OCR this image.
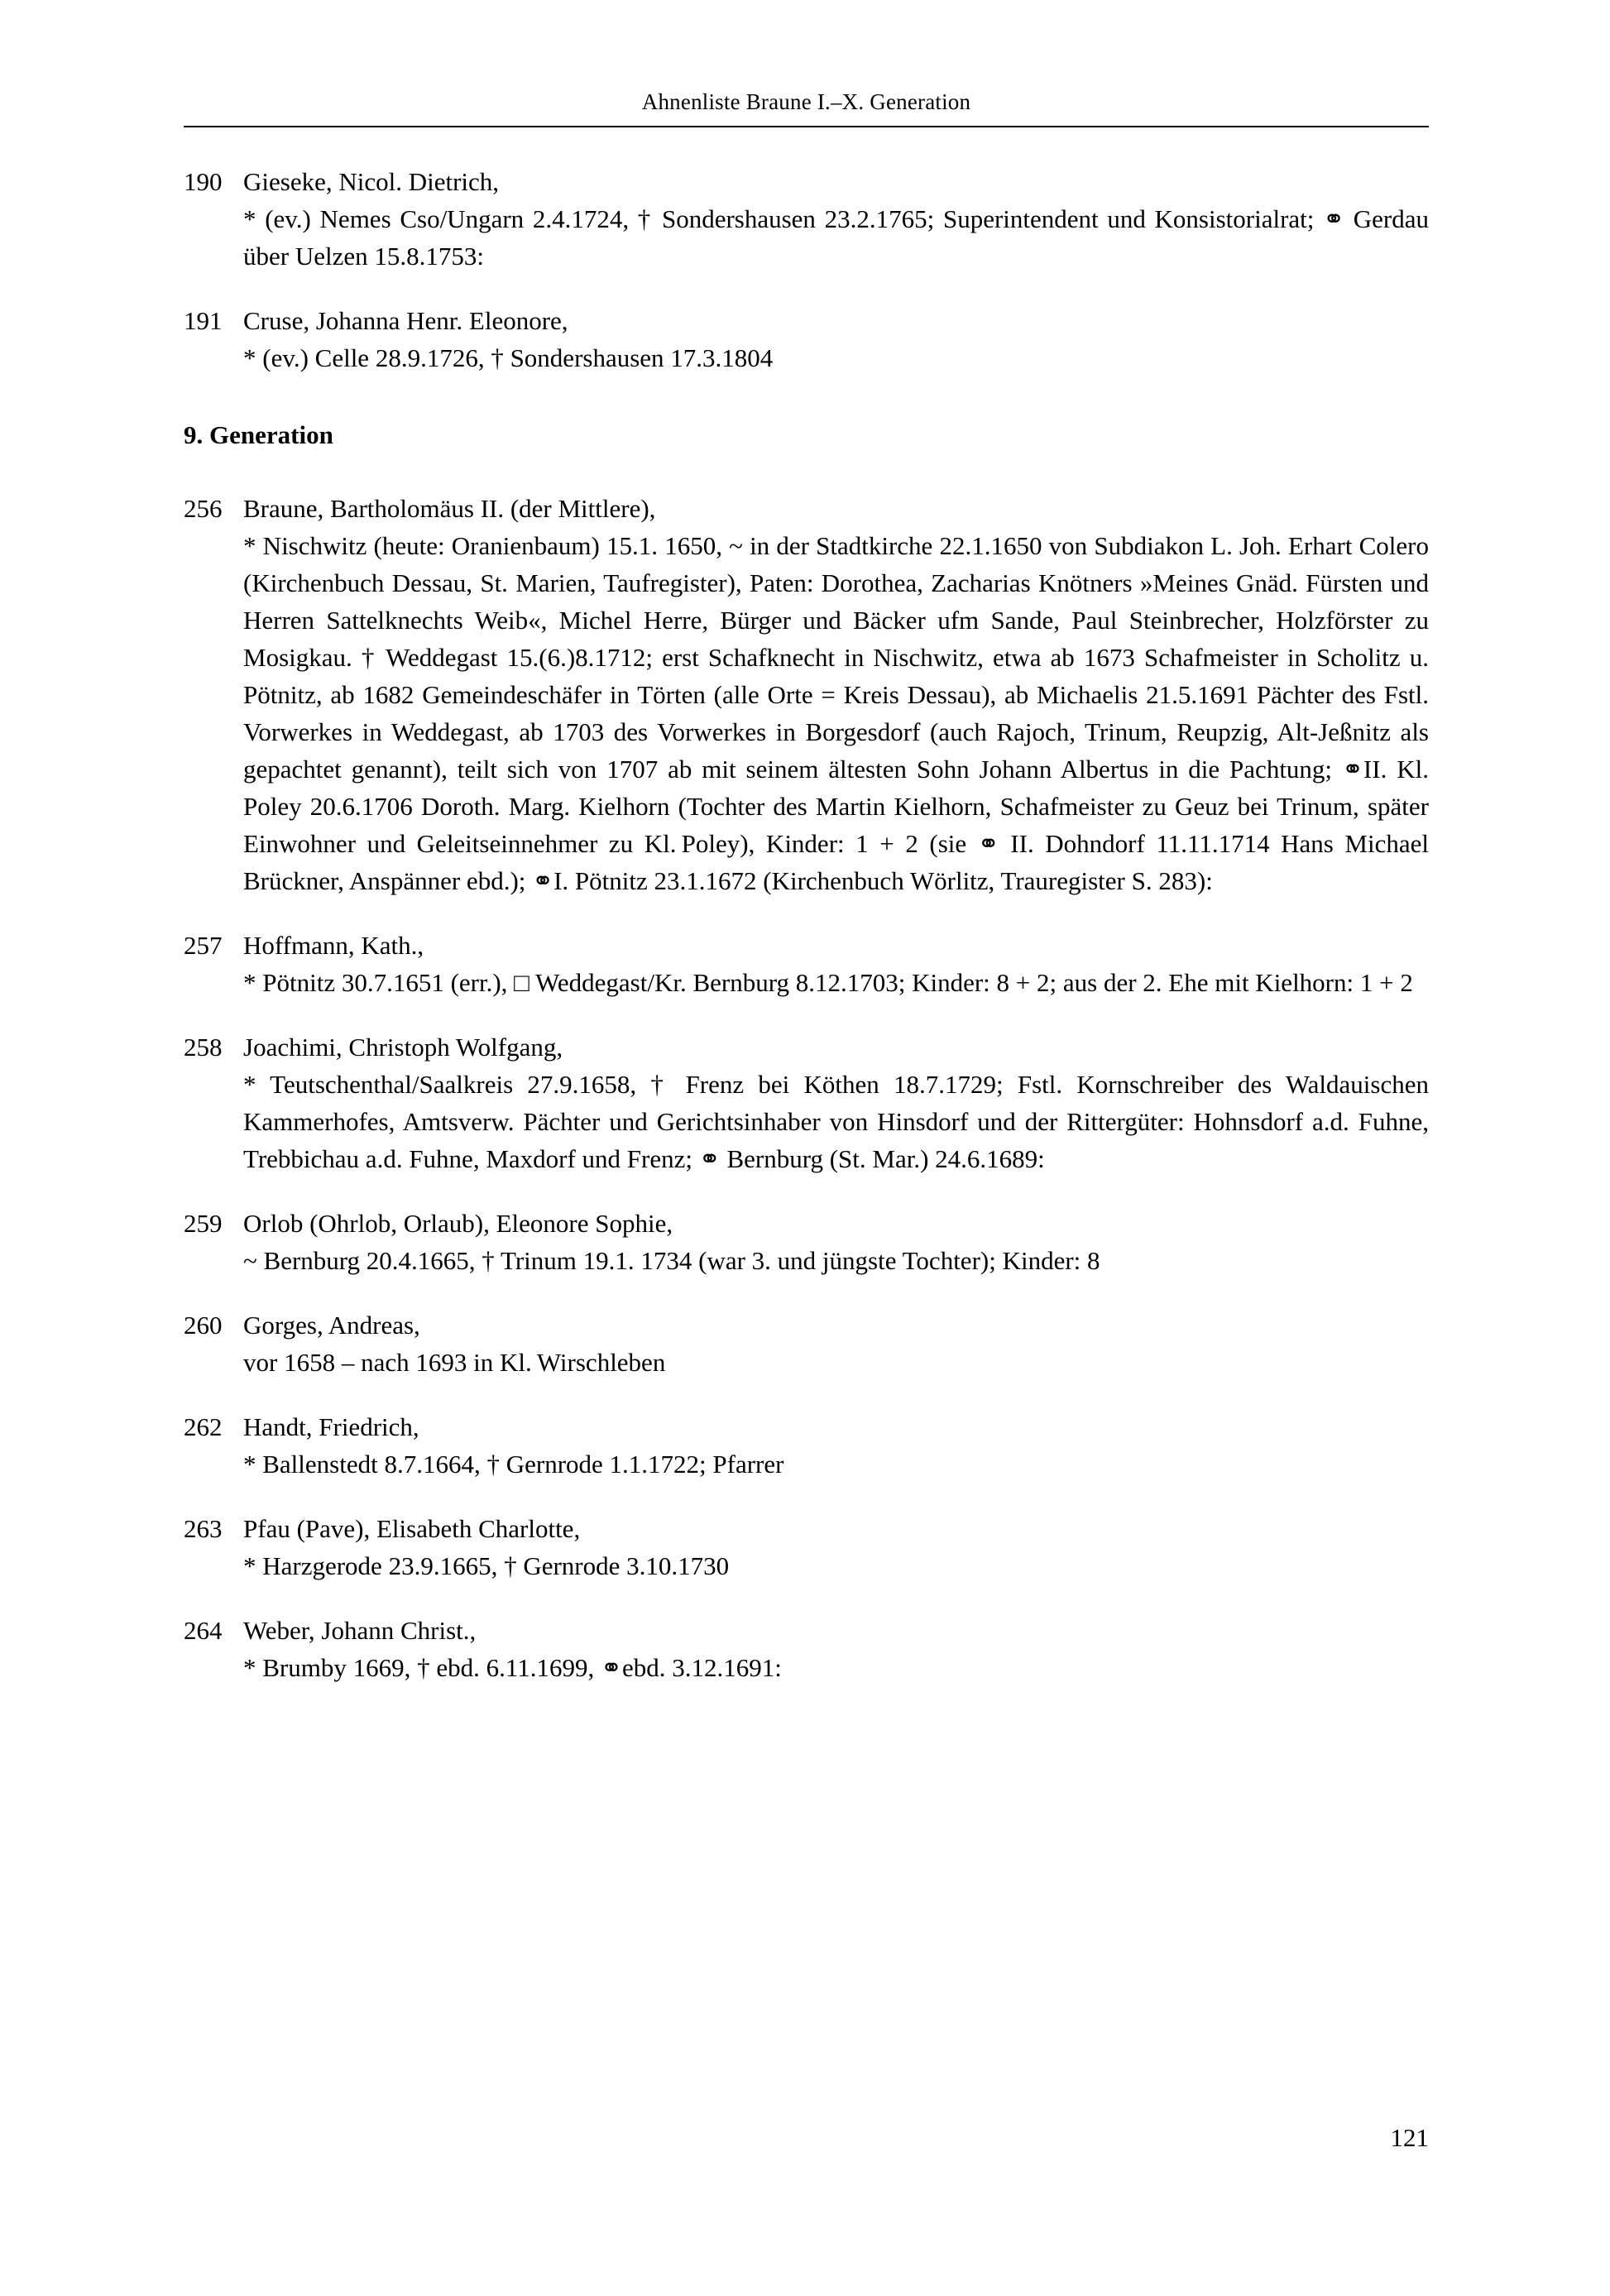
Ahnenliste Braune I.–X. Generation
190 Gieseke, Nicol. Dietrich,
* (ev.) Nemes Cso/Ungarn 2.4.1724, † Sondershausen 23.2.1765; Superintendent und Konsistorialrat; ⚭ Gerdau über Uelzen 15.8.1753:
191 Cruse, Johanna Henr. Eleonore,
* (ev.) Celle 28.9.1726, † Sondershausen 17.3.1804
9. Generation
256 Braune, Bartholomäus II. (der Mittlere),
* Nischwitz (heute: Oranienbaum) 15.1. 1650, ~ in der Stadtkirche 22.1.1650 von Subdiakon L. Joh. Erhart Colero (Kirchenbuch Dessau, St. Marien, Taufregister), Paten: Dorothea, Zacharias Knötners »Meines Gnäd. Fürsten und Herren Sattelknechts Weib«, Michel Herre, Bürger und Bäcker ufm Sande, Paul Steinbrecher, Holzförster zu Mosigkau. † Weddegast 15.(6.)8.1712; erst Schafknecht in Nischwitz, etwa ab 1673 Schafmeister in Scholitz u. Pötnitz, ab 1682 Gemeindeschäfer in Törten (alle Orte = Kreis Dessau), ab Michaelis 21.5.1691 Pächter des Fstl. Vorwerkes in Weddegast, ab 1703 des Vorwerkes in Borgesdorf (auch Rajoch, Trinum, Reupzig, Alt-Jeßnitz als gepachtet genannt), teilt sich von 1707 ab mit seinem ältesten Sohn Johann Albertus in die Pachtung; ⚭II. Kl. Poley 20.6.1706 Doroth. Marg. Kielhorn (Tochter des Martin Kielhorn, Schafmeister zu Geuz bei Trinum, später Einwohner und Geleitseinnehmer zu Kl. Poley), Kinder: 1 + 2 (sie ⚭ II. Dohndorf 11.11.1714 Hans Michael Brückner, Anspänner ebd.); ⚭I. Pötnitz 23.1.1672 (Kirchenbuch Wörlitz, Trauregister S. 283):
257 Hoffmann, Kath.,
* Pötnitz 30.7.1651 (err.), □ Weddegast/Kr. Bernburg 8.12.1703; Kinder: 8 + 2; aus der 2. Ehe mit Kielhorn: 1 + 2
258 Joachimi, Christoph Wolfgang,
* Teutschenthal/Saalkreis 27.9.1658, † Frenz bei Köthen 18.7.1729; Fstl. Kornschreiber des Waldauischen Kammerhofes, Amtsverw. Pächter und Gerichtsinhaber von Hinsdorf und der Rittergüter: Hohnsdorf a.d. Fuhne, Trebbichau a.d. Fuhne, Maxdorf und Frenz; ⚭ Bernburg (St. Mar.) 24.6.1689:
259 Orlob (Ohrlob, Orlaub), Eleonore Sophie,
~ Bernburg 20.4.1665, † Trinum 19.1. 1734 (war 3. und jüngste Tochter); Kinder: 8
260 Gorges, Andreas,
vor 1658 – nach 1693 in Kl. Wirschleben
262 Handt, Friedrich,
* Ballenstedt 8.7.1664, † Gernrode 1.1.1722; Pfarrer
263 Pfau (Pave), Elisabeth Charlotte,
* Harzgerode 23.9.1665, † Gernrode 3.10.1730
264 Weber, Johann Christ.,
* Brumby 1669, † ebd. 6.11.1699, ⚭ebd. 3.12.1691:
121
